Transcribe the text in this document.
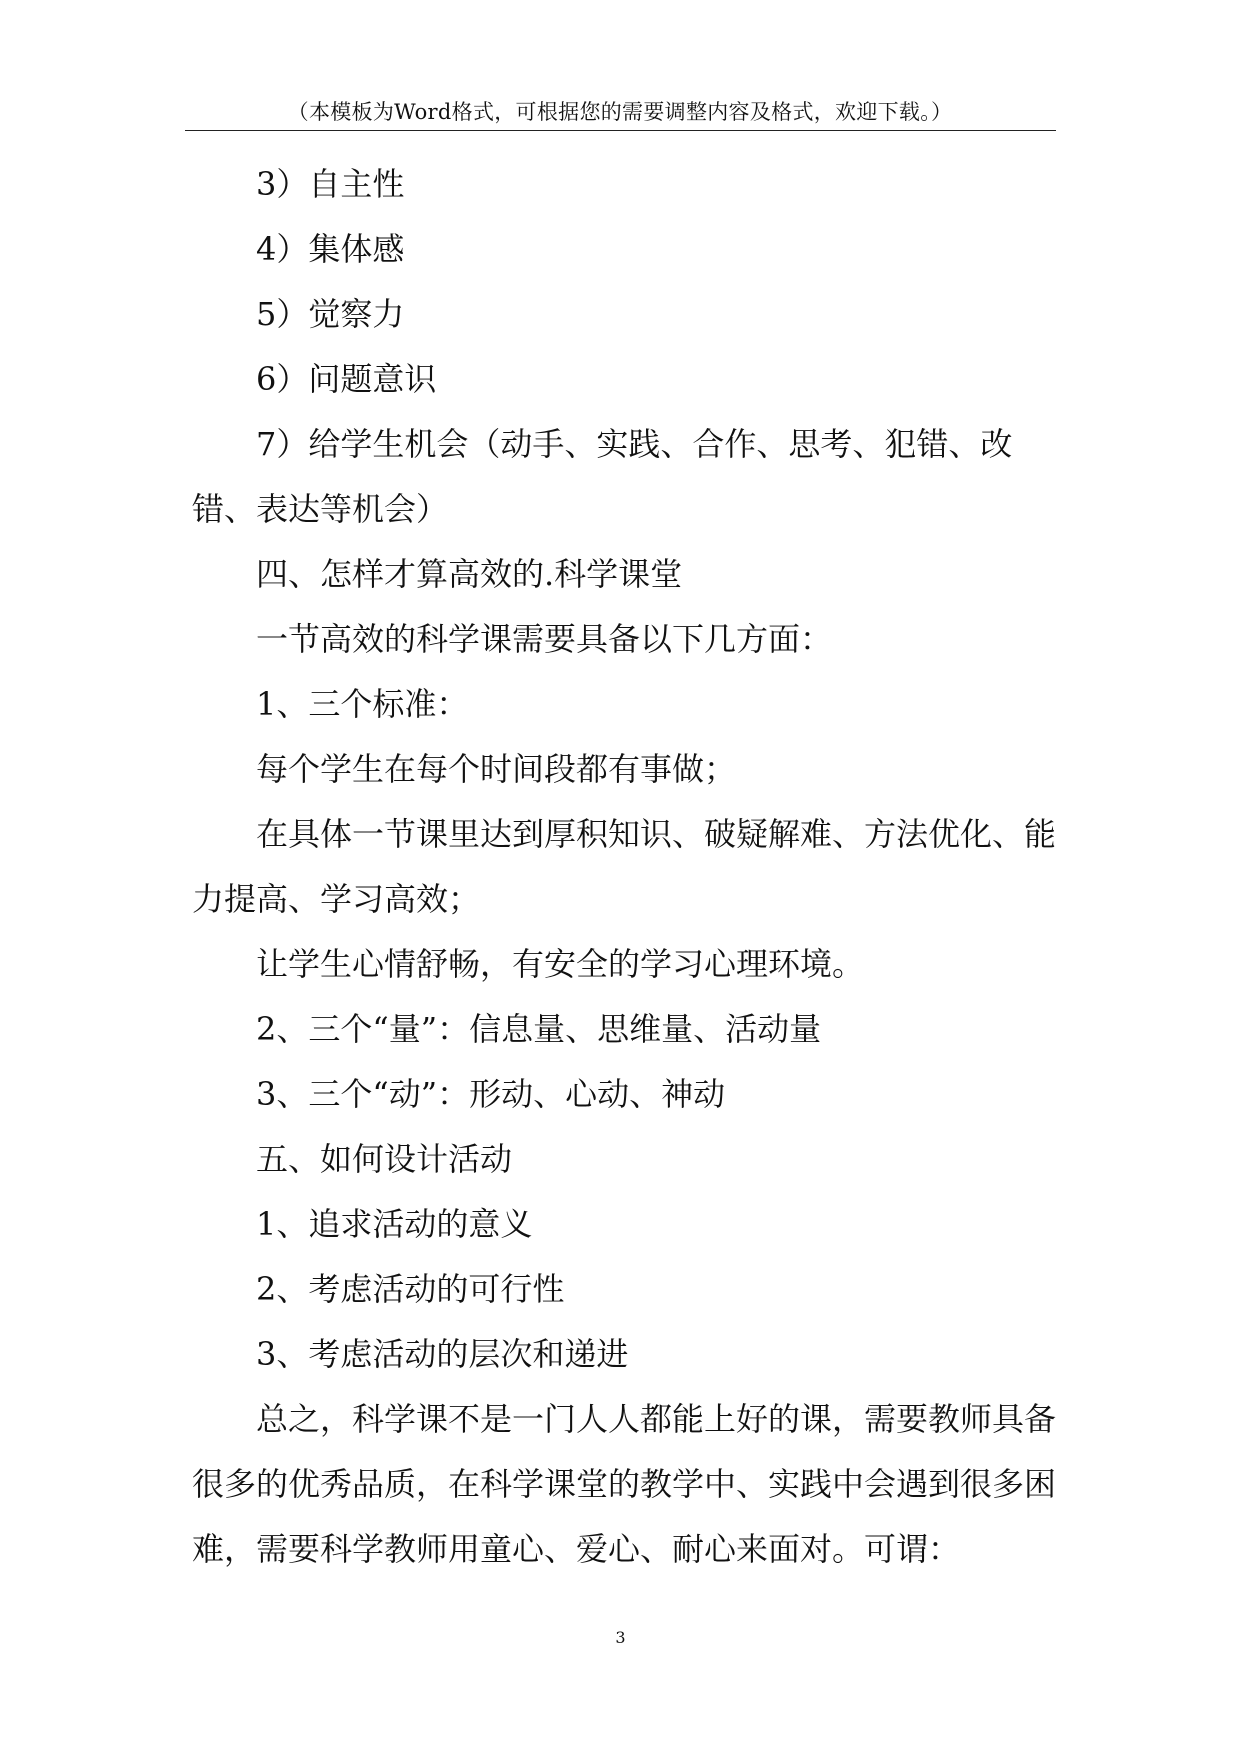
（本模板为Word格式，可根据您的需要调整内容及格式，欢迎下载。）

3）自主性

4）集体感

5）觉察力

6）问题意识

7）给学生机会（动手、实践、合作、思考、犯错、改错、表达等机会）

四、怎样才算高效的.科学课堂

一节高效的科学课需要具备以下几方面：

1、三个标准：

每个学生在每个时间段都有事做；

在具体一节课里达到厚积知识、破疑解难、方法优化、能力提高、学习高效；

让学生心情舒畅，有安全的学习心理环境。

2、三个“量”：信息量、思维量、活动量

3、三个“动”：形动、心动、神动

五、如何设计活动

1、追求活动的意义

2、考虑活动的可行性

3、考虑活动的层次和递进

总之，科学课不是一门人人都能上好的课，需要教师具备很多的优秀品质，在科学课堂的教学中、实践中会遇到很多困难，需要科学教师用童心、爱心、耐心来面对。可谓：

3
